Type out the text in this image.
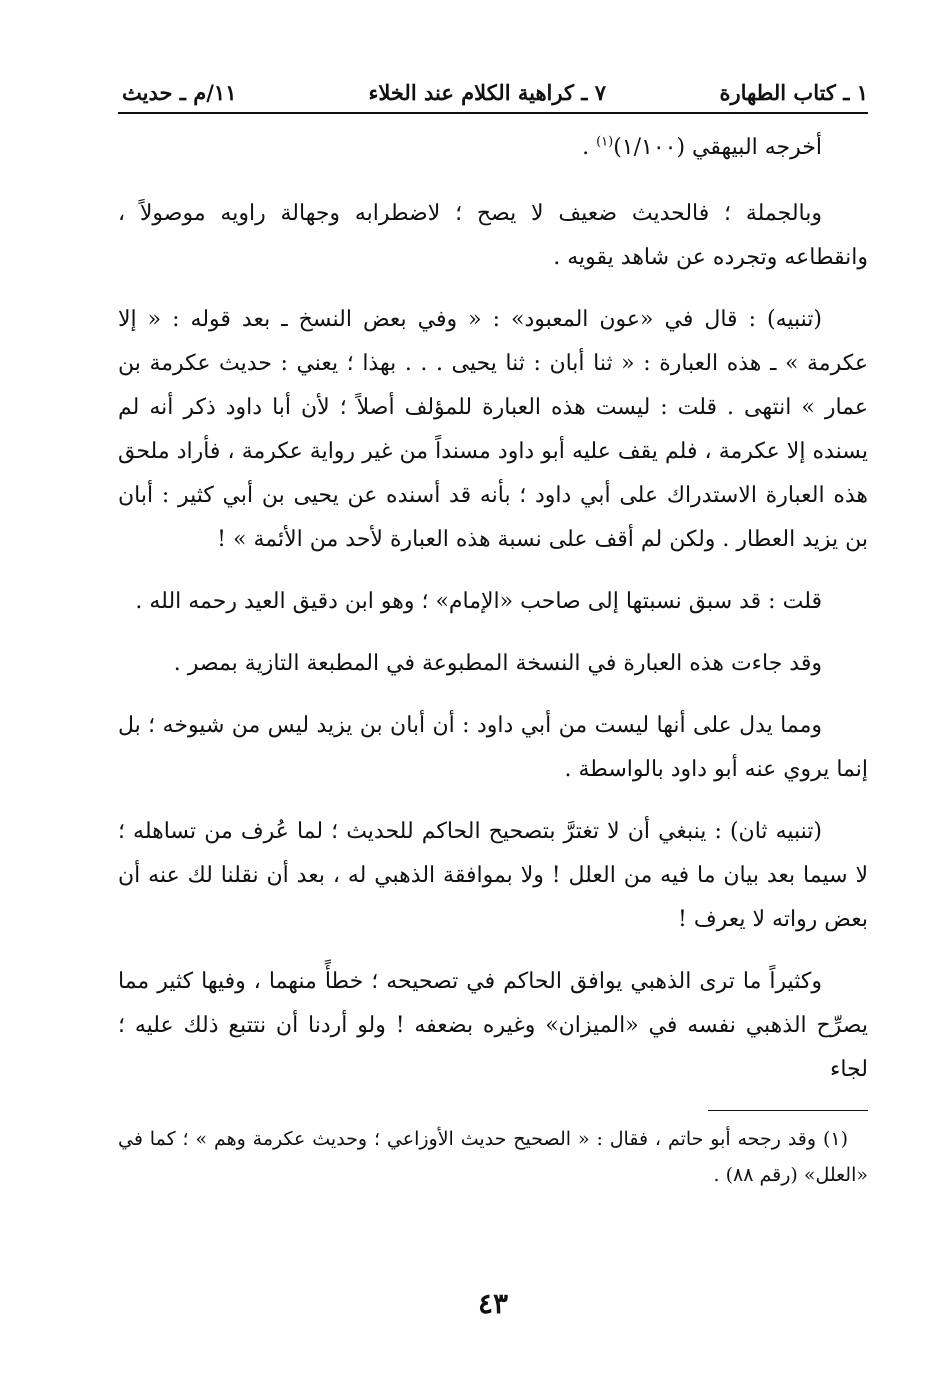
١ ـ كتاب الطهارة
٧ ـ كراهية الكلام عند الخلاء
١١/م ـ حديث

أخرجه البيهقي (١/١٠٠)$^{(١)}$ .

وبالجملة ؛ فالحديث ضعيف لا يصح ؛ لاضطرابه وجهالة راويه موصولاً ، وانقطاعه وتجرده عن شاهد يقويه .

(تنبيه) : قال في «عون المعبود» : « وفي بعض النسخ ـ بعد قوله : « إلا عكرمة » ـ هذه العبارة : « ثنا أبان : ثنا يحيى . . . بهذا ؛ يعني : حديث عكرمة بن عمار » انتهى . قلت : ليست هذه العبارة للمؤلف أصلاً ؛ لأن أبا داود ذكر أنه لم يسنده إلا عكرمة ، فلم يقف عليه أبو داود مسنداً من غير رواية عكرمة ، فأراد ملحق هذه العبارة الاستدراك على أبي داود ؛ بأنه قد أسنده عن يحيى بن أبي كثير : أبان بن يزيد العطار . ولكن لم أقف على نسبة هذه العبارة لأحد من الأئمة » !

قلت : قد سبق نسبتها إلى صاحب «الإمام» ؛ وهو ابن دقيق العيد رحمه الله .

وقد جاءت هذه العبارة في النسخة المطبوعة في المطبعة التازية بمصر .

ومما يدل على أنها ليست من أبي داود : أن أبان بن يزيد ليس من شيوخه ؛ بل إنما يروي عنه أبو داود بالواسطة .

(تنبيه ثان) : ينبغي أن لا تغترَّ بتصحيح الحاكم للحديث ؛ لما عُرف من تساهله ؛ لا سيما بعد بيان ما فيه من العلل ! ولا بموافقة الذهبي له ، بعد أن نقلنا لك عنه أن بعض رواته لا يعرف !

وكثيراً ما ترى الذهبي يوافق الحاكم في تصحيحه ؛ خطأً منهما ، وفيها كثير مما يصرِّح الذهبي نفسه في «الميزان» وغيره بضعفه ! ولو أردنا أن نتتبع ذلك عليه ؛ لجاء

(١) وقد رجحه أبو حاتم ، فقال : « الصحيح حديث الأوزاعي ؛ وحديث عكرمة وهم » ؛ كما في «العلل» (رقم ٨٨) .

٤٣
